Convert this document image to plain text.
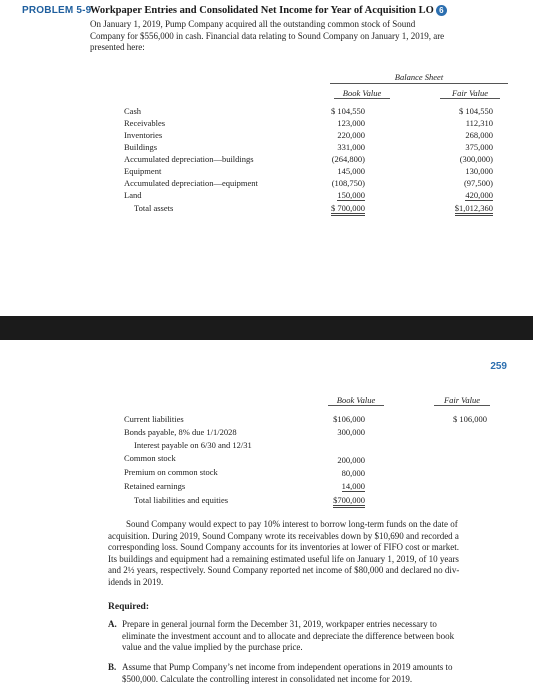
PROBLEM 5-9
Workpaper Entries and Consolidated Net Income for Year of Acquisition LO 6
On January 1, 2019, Pump Company acquired all the outstanding common stock of Sound
Company for $556,000 in cash. Financial data relating to Sound Company on January 1, 2019, are
presented here:
Balance Sheet
Book Value	Fair Value
Cash	$ 104,550	$ 104,550
Receivables	123,000	112,310
Inventories	220,000	268,000
Buildings	331,000	375,000
Accumulated depreciation—buildings	(264,800)	(300,000)
Equipment	145,000	130,000
Accumulated depreciation—equipment	(108,750)	(97,500)
Land	150,000	420,000
Total assets	$ 700,000	$1,012,360
259
Book Value	Fair Value
Current liabilities	$106,000	$ 106,000
Bonds payable, 8% due 1/1/2028	300,000
Interest payable on 6/30 and 12/31
Common stock	200,000
Premium on common stock	80,000
Retained earnings	14,000
Total liabilities and equities	$700,000
Sound Company would expect to pay 10% interest to borrow long-term funds on the date of
acquisition. During 2019, Sound Company wrote its receivables down by $10,690 and recorded a
corresponding loss. Sound Company accounts for its inventories at lower of FIFO cost or market.
Its buildings and equipment had a remaining estimated useful life on January 1, 2019, of 10 years
and 2½ years, respectively. Sound Company reported net income of $80,000 and declared no div-
idends in 2019.
Required:
A. Prepare in general journal form the December 31, 2019, workpaper entries necessary to
eliminate the investment account and to allocate and depreciate the difference between book
value and the value implied by the purchase price.
B. Assume that Pump Company’s net income from independent operations in 2019 amounts to
$500,000. Calculate the controlling interest in consolidated net income for 2019.
